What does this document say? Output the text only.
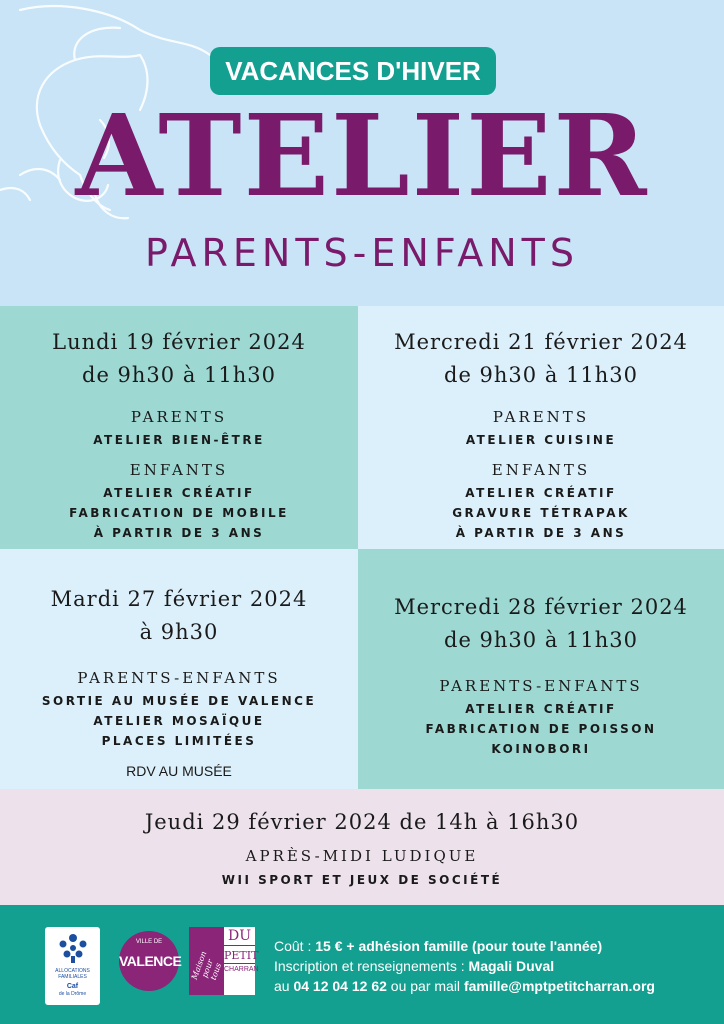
VACANCES D'HIVER
ATELIER
PARENTS-ENFANTS
Lundi 19 février 2024
de 9h30 à 11h30
PARENTS
ATELIER BIEN-ÊTRE
ENFANTS
ATELIER CRÉATIF
FABRICATION DE MOBILE
À PARTIR DE 3 ANS
Mercredi 21 février 2024
de 9h30 à 11h30
PARENTS
ATELIER CUISINE
ENFANTS
ATELIER CRÉATIF
GRAVURE TÉTRAPAK
À PARTIR DE 3 ANS
Mardi 27 février 2024
à 9h30
PARENTS-ENFANTS
SORTIE AU MUSÉE DE VALENCE
ATELIER MOSAÏQUE
PLACES LIMITÉES
RDV AU MUSÉE
Mercredi 28 février 2024
de 9h30 à 11h30
PARENTS-ENFANTS
ATELIER CRÉATIF
FABRICATION DE POISSON
KOINOBORI
Jeudi 29 février 2024 de 14h à 16h30
APRÈS-MIDI LUDIQUE
WII SPORT ET JEUX DE SOCIÉTÉ
ALLOCATIONS FAMILIALES
Caf
de la Drôme
VILLE DE
VALENCE Maison pour tous
DU
PETIT
CHARRAN
Coût : 15 € + adhésion famille (pour toute l'année)
Inscription et renseignements : Magali Duval
au 04 12 04 12 62 ou par mail famille@mptpetitcharran.org
